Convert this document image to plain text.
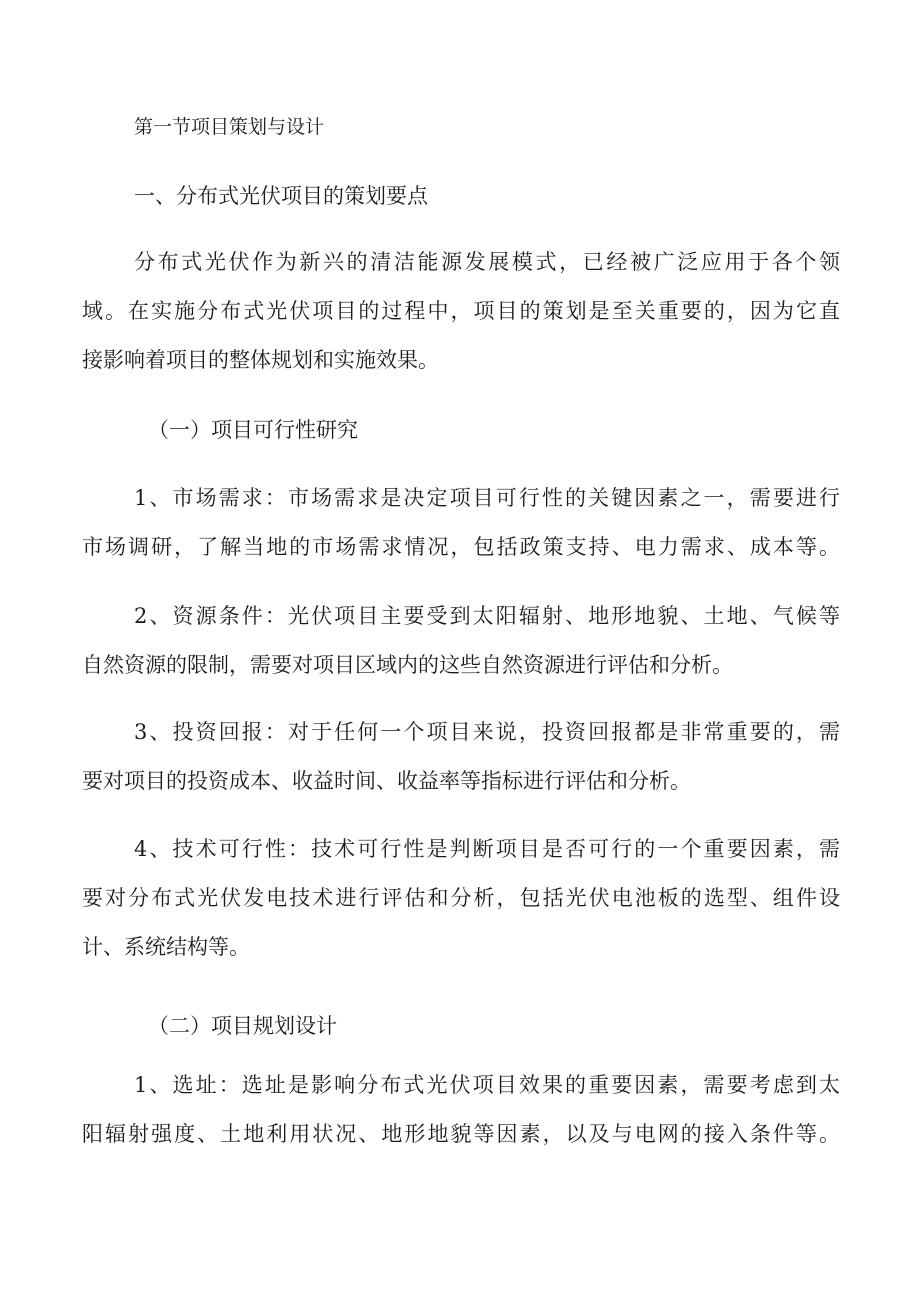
第一节项目策划与设计

一、分布式光伏项目的策划要点

分布式光伏作为新兴的清洁能源发展模式，已经被广泛应用于各个领

域。在实施分布式光伏项目的过程中，项目的策划是至关重要的，因为它直

接影响着项目的整体规划和实施效果。

（一）项目可行性研究

1、市场需求：市场需求是决定项目可行性的关键因素之一，需要进行

市场调研，了解当地的市场需求情况，包括政策支持、电力需求、成本等。

2、资源条件：光伏项目主要受到太阳辐射、地形地貌、土地、气候等

自然资源的限制，需要对项目区域内的这些自然资源进行评估和分析。

3、投资回报：对于任何一个项目来说，投资回报都是非常重要的，需

要对项目的投资成本、收益时间、收益率等指标进行评估和分析。

4、技术可行性：技术可行性是判断项目是否可行的一个重要因素，需

要对分布式光伏发电技术进行评估和分析，包括光伏电池板的选型、组件设

计、系统结构等。

（二）项目规划设计

1、选址：选址是影响分布式光伏项目效果的重要因素，需要考虑到太

阳辐射强度、土地利用状况、地形地貌等因素，以及与电网的接入条件等。
